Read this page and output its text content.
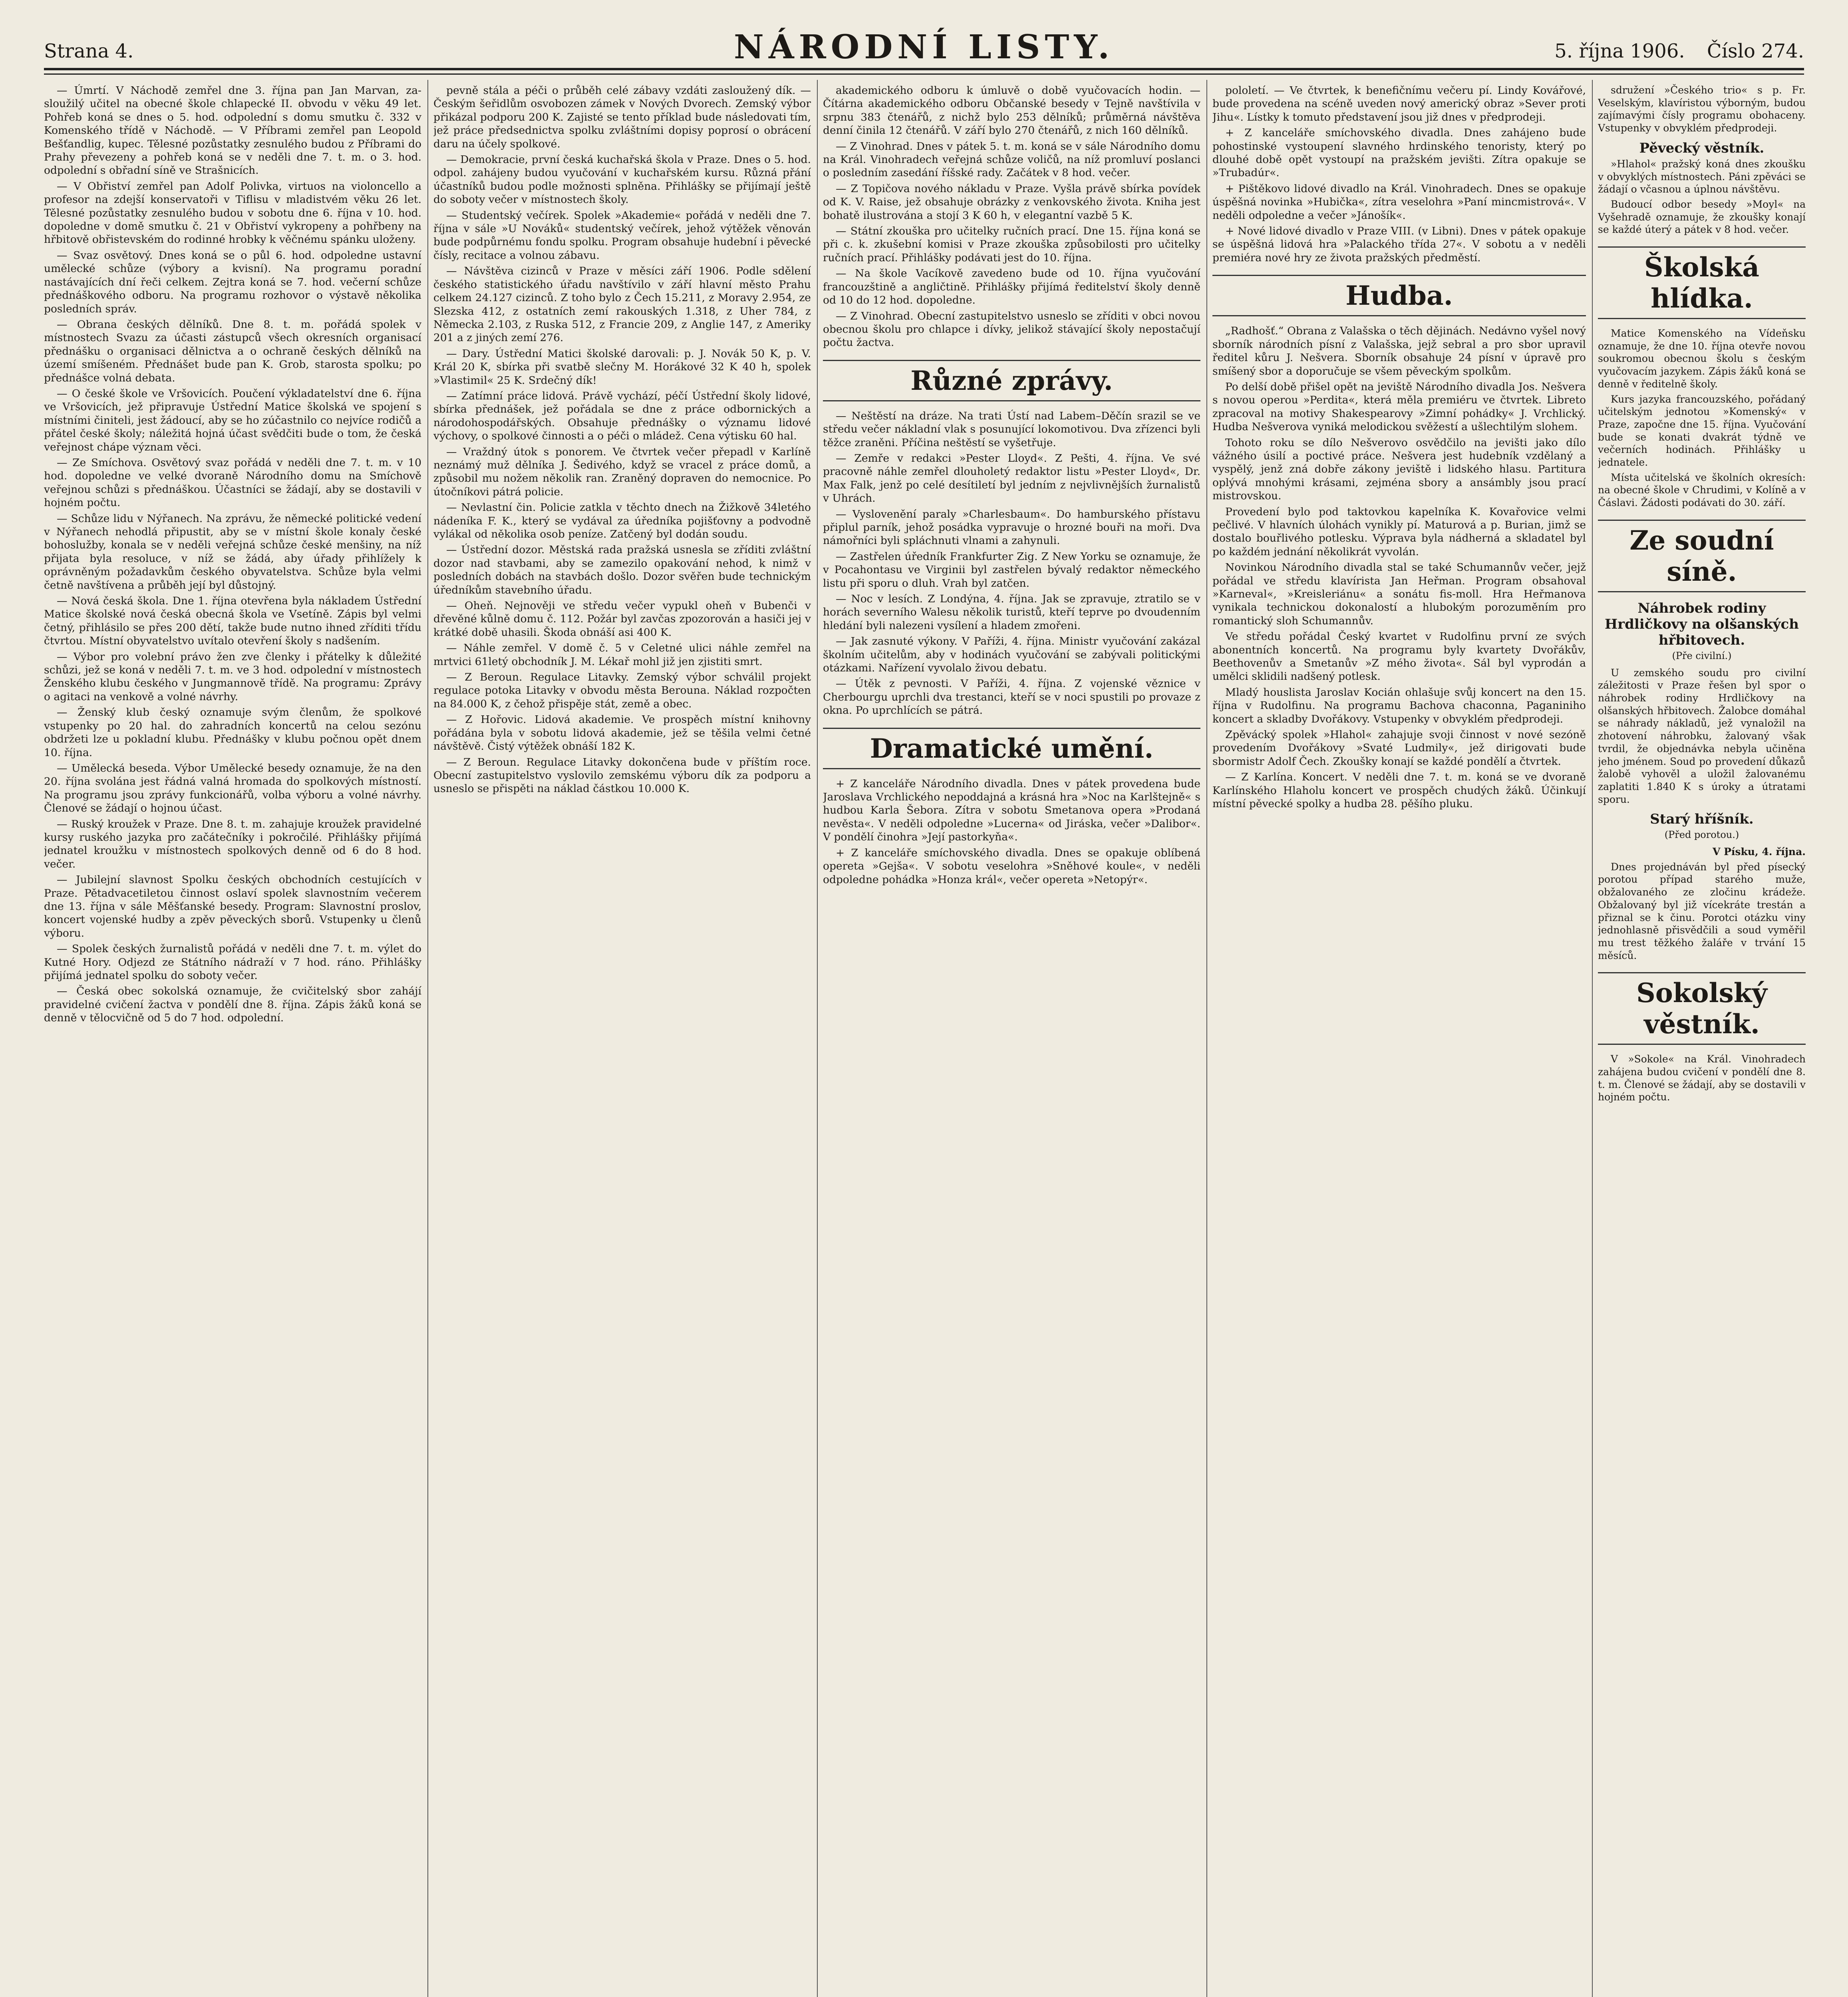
Strana 4.	NÁRODNÍ LISTY.	5. října 1906. Číslo 274.

— Úmrtí. V Náchodě zemřel dne 3. října pan Jan Marvan, za-sloužilý učitel na obecné škole chlapecké II. obvodu v věku 49 let. Pohřeb koná se dnes o 5. hod. odpolední s domu smutku č. 332 v Komenského třídě v Náchodě. — V Příbrami zemřel pan Leopold Bešťandlig, kupec. Tělesné pozůstatky zesnulého budou z Příbrami do Prahy převezeny a pohřeb koná se v neděli dne 7. t. m. o 3. hod. odpolední s obřadní síně ve Strašnicích.

— V Obřiství zemřel pan Adolf Polivka, virtuos na violoncello a profesor na zdejší konservatoři v Tiflisu v mladistvém věku 26 let. Tělesné pozůstatky zesnulého budou v sobotu dne 6. října v 10. hod. dopoledne v domě smutku č. 21 v Obřiství vykropeny a pohřbeny na hřbitově obřistevském do rodinné hrobky k věčnému spánku uloženy.

— Svaz osvětový. Dnes koná se o půl 6. hod. odpoledne ustavní umělecké schůze (výbory a kvisní). Na programu poradní nastávajících dní řeči celkem. Zejtra koná se 7. hod. večerní schůze přednáškového odboru. Na programu rozhovor o výstavě několika posledních správ.

— Obrana českých dělníků. Dne 8. t. m. pořádá spolek v místnostech Svazu za účasti zástupců všech okresních organisací přednášku o organisaci dělnictva a o ochraně českých dělníků na území smíšeném. Přednášet bude pan K. Grob, starosta spolku; po přednášce volná debata.

— O české škole ve Vršovicích. Poučení výkladatelství dne 6. října ve Vršovicích, jež připravuje Ústřední Matice školská ve spojení s místními činiteli, jest žádoucí, aby se ho zúčastnilo co nejvíce rodičů a přátel české školy; náležitá hojná účast svědčiti bude o tom, že česká veřejnost chápe význam věci.

— Ze Smíchova. Osvětový svaz pořádá v neděli dne 7. t. m. v 10 hod. dopoledne ve velké dvoraně Národního domu na Smíchově veřejnou schůzi s přednáškou. Účastníci se žádají, aby se dostavili v hojném počtu.

— Schůze lidu v Nýřanech. Na zprávu, že německé politické vedení v Nýřanech nehodlá připustit, aby se v místní škole konaly české bohoslužby, konala se v neděli veřejná schůze české menšiny, na níž přijata byla resoluce, v níž se žádá, aby úřady přihlížely k oprávněným požadavkům českého obyvatelstva. Schůze byla velmi četně navštívena a průběh její byl důstojný.

— Nová česká škola. Dne 1. října otevřena byla nákladem Ústřední Matice školské nová česká obecná škola ve Vsetíně. Zápis byl velmi četný, přihlásilo se přes 200 dětí, takže bude nutno ihned zříditi třídu čtvrtou. Místní obyvatelstvo uvítalo otevření školy s nadšením.

— Výbor pro volební právo žen zve členky i přátelky k důležité schůzi, jež se koná v neděli 7. t. m. ve 3 hod. odpolední v místnostech Ženského klubu českého v Jungmannově třídě. Na programu: Zprávy o agitaci na venkově a volné návrhy.

— Ženský klub český oznamuje svým členům, že spolkové vstupenky po 20 hal. do zahradních koncertů na celou sezónu obdržeti lze u pokladní klubu. Přednášky v klubu počnou opět dnem 10. října.

— Umělecká beseda. Výbor Umělecké besedy oznamuje, že na den 20. října svolána jest řádná valná hromada do spolkových místností. Na programu jsou zprávy funkcionářů, volba výboru a volné návrhy. Členové se žádají o hojnou účast.

— Ruský kroužek v Praze. Dne 8. t. m. zahajuje kroužek pravidelné kursy ruského jazyka pro začátečníky i pokročilé. Přihlášky přijímá jednatel kroužku v místnostech spolkových denně od 6 do 8 hod. večer.

— Jubilejní slavnost Spolku českých obchodních cestujících v Praze. Pětadvacetiletou činnost oslaví spolek slavnostním večerem dne 13. října v sále Měšťanské besedy. Program: Slavnostní proslov, koncert vojenské hudby a zpěv pěveckých sborů. Vstupenky u členů výboru.

— Spolek českých žurnalistů pořádá v neděli dne 7. t. m. výlet do Kutné Hory. Odjezd ze Státního nádraží v 7 hod. ráno. Přihlášky přijímá jednatel spolku do soboty večer.

— Česká obec sokolská oznamuje, že cvičitelský sbor zahájí pravidelné cvičení žactva v pondělí dne 8. října. Zápis žáků koná se denně v tělocvičně od 5 do 7 hod. odpolední.

pevně stála a péči o průběh celé zábavy vzdáti zasloužený dík. — Českým šeřidlům osvobozen zámek v Nových Dvorech. Zemský výbor přikázal podporu 200 K. Zajisté se tento příklad bude následovati tím, jež práce předsednictva spolku zvláštními dopisy poprosí o obrácení daru na účely spolkové.

— Demokracie, první česká kuchařská škola v Praze. Dnes o 5. hod. odpol. zahájeny budou vyučování v kuchařském kursu. Různá přání účastníků budou podle možnosti splněna. Přihlášky se přijímají ještě do soboty večer v místnostech školy.

— Studentský večírek. Spolek »Akademie« pořádá v neděli dne 7. října v sále »U Nováků« studentský večírek, jehož výtěžek věnován bude podpůrnému fondu spolku. Program obsahuje hudební i pěvecké čísly, recitace a volnou zábavu.

— Návštěva cizinců v Praze v měsíci září 1906. Podle sdělení českého statistického úřadu navštívilo v září hlavní město Prahu celkem 24.127 cizinců. Z toho bylo z Čech 15.211, z Moravy 2.954, ze Slezska 412, z ostatních zemí rakouských 1.318, z Uher 784, z Německa 2.103, z Ruska 512, z Francie 209, z Anglie 147, z Ameriky 201 a z jiných zemí 276.

— Dary. Ústřední Matici školské darovali: p. J. Novák 50 K, p. V. Král 20 K, sbírka při svatbě slečny M. Horákové 32 K 40 h, spolek »Vlastimil« 25 K. Srdečný dík!

— Zatímní práce lidová. Právě vychází, péčí Ústřední školy lidové, sbírka přednášek, jež pořádala se dne z práce odbornických a národohospodářských. Obsahuje přednášky o významu lidové výchovy, o spolkové činnosti a o péči o mládež. Cena výtisku 60 hal.

— Vraždný útok s ponorem. Ve čtvrtek večer přepadl v Karlíně neznámý muž dělníka J. Šedivého, když se vracel z práce domů, a způsobil mu nožem několik ran. Zraněný dopraven do nemocnice. Po útočníkovi pátrá policie.

— Nevlastní čin. Policie zatkla v těchto dnech na Žižkově 34letého nádeníka F. K., který se vydával za úředníka pojišťovny a podvodně vylákal od několika osob peníze. Zatčený byl dodán soudu.

— Ústřední dozor. Městská rada pražská usnesla se zříditi zvláštní dozor nad stavbami, aby se zamezilo opakování nehod, k nimž v posledních dobách na stavbách došlo. Dozor svěřen bude technickým úředníkům stavebního úřadu.

— Oheň. Nejnověji ve středu večer vypukl oheň v Bubenči v dřevěné kůlně domu č. 112. Požár byl zavčas zpozorován a hasiči jej v krátké době uhasili. Škoda obnáší asi 400 K.

— Náhle zemřel. V domě č. 5 v Celetné ulici náhle zemřel na mrtvici 61letý obchodník J. M. Lékař mohl již jen zjistiti smrt.

— Z Beroun. Regulace Litavky. Zemský výbor schválil projekt regulace potoka Litavky v obvodu města Berouna. Náklad rozpočten na 84.000 K, z čehož přispěje stát, země a obec.

— Z Hořovic. Lidová akademie. Ve prospěch místní knihovny pořádána byla v sobotu lidová akademie, jež se těšila velmi četné návštěvě. Čistý výtěžek obnáší 182 K.

— Z Beroun. Regulace Litavky dokončena bude v příštím roce. Obecní zastupitelstvo vyslovilo zemskému výboru dík za podporu a usneslo se přispěti na náklad částkou 10.000 K.

akademického odboru k úmluvě o době vyučovacích hodin. — Čítárna akademického odboru Občanské besedy v Tejně navštívila v srpnu 383 čtenářů, z nichž bylo 253 dělníků; průměrná návštěva denní činila 12 čtenářů. V září bylo 270 čtenářů, z nich 160 dělníků.

— Z Vinohrad. Dnes v pátek 5. t. m. koná se v sále Národního domu na Král. Vinohradech veřejná schůze voličů, na níž promluví poslanci o posledním zasedání říšské rady. Začátek v 8 hod. večer.

— Z Topičova nového nákladu v Praze. Vyšla právě sbírka povídek od K. V. Raise, jež obsahuje obrázky z venkovského života. Kniha jest bohatě ilustrována a stojí 3 K 60 h, v elegantní vazbě 5 K.

— Státní zkouška pro učitelky ručních prací. Dne 15. října koná se při c. k. zkušební komisi v Praze zkouška způsobilosti pro učitelky ručních prací. Přihlášky podávati jest do 10. října.

— Na škole Vacíkově zavedeno bude od 10. října vyučování francouzštině a angličtině. Přihlášky přijímá ředitelství školy denně od 10 do 12 hod. dopoledne.

— Z Vinohrad. Obecní zastupitelstvo usneslo se zříditi v obci novou obecnou školu pro chlapce i dívky, jelikož stávající školy nepostačují počtu žactva.

Různé zprávy.

— Neštěstí na dráze. Na trati Ústí nad Labem–Děčín srazil se ve středu večer nákladní vlak s posunující lokomotivou. Dva zřízenci byli těžce zraněni. Příčina neštěstí se vyšetřuje.

— Zemře v redakci »Pester Lloyd«. Z Pešti, 4. října. Ve své pracovně náhle zemřel dlouholetý redaktor listu »Pester Lloyd«, Dr. Max Falk, jenž po celé desítiletí byl jedním z nejvlivnějších žurnalistů v Uhrách.

— Vyslovenění paraly »Charlesbaum«. Do hamburského přístavu připlul parník, jehož posádka vypravuje o hrozné bouři na moři. Dva námořníci byli spláchnuti vlnami a zahynuli.

— Zastřelen úředník Frankfurter Zig. Z New Yorku se oznamuje, že v Pocahontasu ve Virginii byl zastřelen bývalý redaktor německého listu při sporu o dluh. Vrah byl zatčen.

— Noc v lesích. Z Londýna, 4. října. Jak se zpravuje, ztratilo se v horách severního Walesu několik turistů, kteří teprve po dvoudenním hledání byli nalezeni vysílení a hladem zmořeni.

— Jak zasnuté výkony. V Paříži, 4. října. Ministr vyučování zakázal školním učitelům, aby v hodinách vyučování se zabývali politickými otázkami. Nařízení vyvolalo živou debatu.

— Útěk z pevnosti. V Paříži, 4. října. Z vojenské věznice v Cherbourgu uprchli dva trestanci, kteří se v noci spustili po provaze z okna. Po uprchlících se pátrá.

Dramatické umění.

+ Z kanceláře Národního divadla. Dnes v pátek provedena bude Jaroslava Vrchlického nepoddajná a krásná hra »Noc na Karlštejně« s hudbou Karla Šebora. Zítra v sobotu Smetanova opera »Prodaná nevěsta«. V neděli odpoledne »Lucerna« od Jiráska, večer »Dalibor«. V pondělí činohra »Její pastorkyňa«.

+ Z kanceláře smíchovského divadla. Dnes se opakuje oblíbená opereta »Gejša«. V sobotu veselohra »Sněhové koule«, v neděli odpoledne pohádka »Honza král«, večer opereta »Netopýr«.

pololetí. — Ve čtvrtek, k benefičnímu večeru pí. Lindy Kovářové, bude provedena na scéně uveden nový americký obraz »Sever proti Jihu«. Lístky k tomuto představení jsou již dnes v předprodeji.

+ Z kanceláře smíchovského divadla. Dnes zahájeno bude pohostinské vystoupení slavného hrdinského tenoristy, který po dlouhé době opět vystoupí na pražském jevišti. Zítra opakuje se »Trubadúr«.

+ Pištěkovo lidové divadlo na Král. Vinohradech. Dnes se opakuje úspěšná novinka »Hubička«, zítra veselohra »Paní mincmistrová«. V neděli odpoledne a večer »Jánošík«.

+ Nové lidové divadlo v Praze VIII. (v Libni). Dnes v pátek opakuje se úspěšná lidová hra »Palackého třída 27«. V sobotu a v neděli premiéra nové hry ze života pražských předměstí.

Hudba.

„Radhošť.“ Obrana z Valašska o těch dějinách. Nedávno vyšel nový sborník národních písní z Valašska, jejž sebral a pro sbor upravil ředitel kůru J. Nešvera. Sborník obsahuje 24 písní v úpravě pro smíšený sbor a doporučuje se všem pěveckým spolkům.

Po delší době přišel opět na jeviště Národního divadla Jos. Nešvera s novou operou »Perdita«, která měla premiéru ve čtvrtek. Libreto zpracoval na motivy Shakespearovy »Zimní pohádky« J. Vrchlický. Hudba Nešverova vyniká melodickou svěžestí a ušlechtilým slohem.

Tohoto roku se dílo Nešverovo osvědčilo na jevišti jako dílo vážného úsilí a poctivé práce. Nešvera jest hudebník vzdělaný a vyspělý, jenž zná dobře zákony jeviště i lidského hlasu. Partitura oplývá mnohými krásami, zejména sbory a ansámbly jsou prací mistrovskou.

Provedení bylo pod taktovkou kapelníka K. Kovařovice velmi pečlivé. V hlavních úlohách vynikly pí. Maturová a p. Burian, jimž se dostalo bouřlivého potlesku. Výprava byla nádherná a skladatel byl po každém jednání několikrát vyvolán.

Novinkou Národního divadla stal se také Schumannův večer, jejž pořádal ve středu klavírista Jan Heřman. Program obsahoval »Karneval«, »Kreisleriánu« a sonátu fis-moll. Hra Heřmanova vynikala technickou dokonalostí a hlubokým porozuměním pro romantický sloh Schumannův.

Ve středu pořádal Český kvartet v Rudolfinu první ze svých abonentních koncertů. Na programu byly kvartety Dvořákův, Beethovenův a Smetanův »Z mého života«. Sál byl vyprodán a umělci sklidili nadšený potlesk.

Mladý houslista Jaroslav Kocián ohlašuje svůj koncert na den 15. října v Rudolfinu. Na programu Bachova chaconna, Paganiniho koncert a skladby Dvořákovy. Vstupenky v obvyklém předprodeji.

Zpěvácký spolek »Hlahol« zahajuje svoji činnost v nové sezóně provedením Dvořákovy »Svaté Ludmily«, jež dirigovati bude sbormistr Adolf Čech. Zkoušky konají se každé pondělí a čtvrtek.

— Z Karlína. Koncert. V neděli dne 7. t. m. koná se ve dvoraně Karlínského Hlaholu koncert ve prospěch chudých žáků. Účinkují místní pěvecké spolky a hudba 28. pěšího pluku.

sdružení »Českého trio« s p. Fr. Veselským, klavíristou výborným, budou zajímavými čísly programu obohaceny. Vstupenky v obvyklém předprodeji.

Pěvecký věstník.

»Hlahol« pražský koná dnes zkoušku v obvyklých místnostech. Páni zpěváci se žádají o včasnou a úplnou návštěvu.

Budoucí odbor besedy »Moyl« na Vyšehradě oznamuje, že zkoušky konají se každé úterý a pátek v 8 hod. večer.

Školská hlídka.

Matice Komenského na Vídeňsku oznamuje, že dne 10. října otevře novou soukromou obecnou školu s českým vyučovacím jazykem. Zápis žáků koná se denně v ředitelně školy.

Kurs jazyka francouzského, pořádaný učitelským jednotou »Komenský« v Praze, započne dne 15. října. Vyučování bude se konati dvakrát týdně ve večerních hodinách. Přihlášky u jednatele.

Místa učitelská ve školních okresích: na obecné škole v Chrudimi, v Kolíně a v Čáslavi. Žádosti podávati do 30. září.

Ze soudní síně.
Náhrobek rodiny Hrdličkovy na olšanských hřbitovech.
(Pře civilní.)

U zemského soudu pro civilní záležitosti v Praze řešen byl spor o náhrobek rodiny Hrdličkovy na olšanských hřbitovech. Žalobce domáhal se náhrady nákladů, jež vynaložil na zhotovení náhrobku, žalovaný však tvrdil, že objednávka nebyla učiněna jeho jménem. Soud po provedení důkazů žalobě vyhověl a uložil žalovanému zaplatiti 1.840 K s úroky a útratami sporu.

Starý hříšník.
(Před porotou.)
V Písku, 4. října.

Dnes projednáván byl před písecký porotou případ starého muže, obžalovaného ze zločinu krádeže. Obžalovaný byl již vícekráte trestán a přiznal se k činu. Porotci otázku viny jednohlasně přisvědčili a soud vyměřil mu trest těžkého žaláře v trvání 15 měsíců.

Sokolský věstník.

V »Sokole« na Král. Vinohradech zahájena budou cvičení v pondělí dne 8. t. m. Členové se žádají, aby se dostavili v hojném počtu.
